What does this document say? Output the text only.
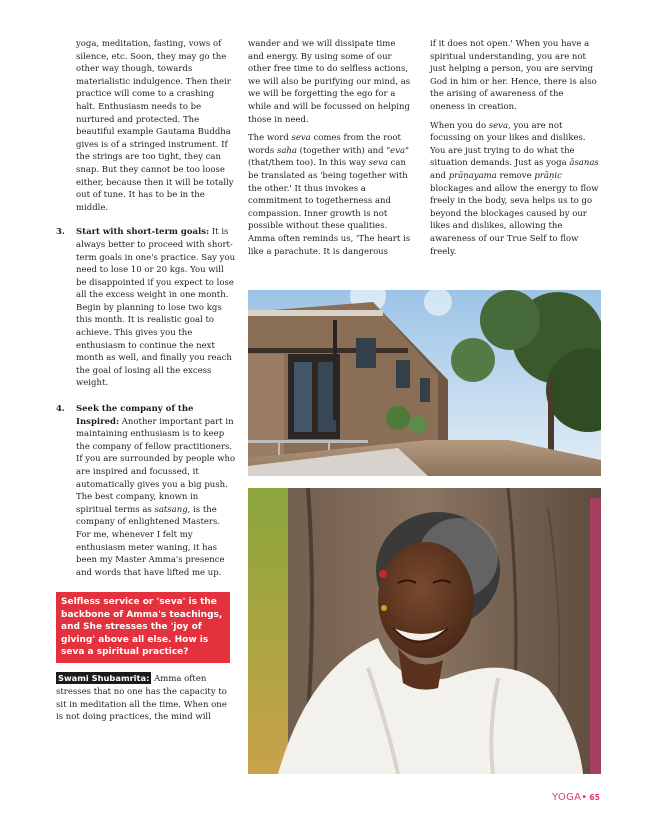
yoga, meditation, fasting, vows of silence, etc. Soon, they may go the other way though, towards materialistic indulgence. Then their practice will come to a crashing halt. Enthusiasm needs to be nurtured and protected. The beautiful example Gautama Buddha gives is of a stringed instrument. If the strings are too tight, they can snap. But they cannot be too loose either, because then it will be totally out of tune. It has to be in the middle.

3. Start with short-term goals: It is always better to proceed with short-term goals in one's practice. Say you need to lose 10 or 20 kgs. You will be disappointed if you expect to lose all the excess weight in one month. Begin by planning to lose two kgs this month. It is realistic goal to achieve. This gives you the enthusiasm to continue the next month as well, and finally you reach the goal of losing all the excess weight.
4. Seek the company of the Inspired: Another important part in maintaining enthusiasm is to keep the company of fellow practitioners. If you are surrounded by people who are inspired and focussed, it automatically gives you a big push. The best company, known in spiritual terms as satsang, is the company of enlightened Masters. For me, whenever I felt my enthusiasm meter waning, it has been my Master Amma's presence and words that have lifted me up.
Selfless service or 'seva' is the backbone of Amma's teachings, and She stresses the 'joy of giving' above all else. How is seva a spiritual practice?

Swami Shubamrita: Amma often stresses that no one has the capacity to sit in meditation all the time. When one is not doing practices, the mind will

wander and we will dissipate time and energy. By using some of our other free time to do selfless actions, we will also be purifying our mind, as we will be forgetting the ego for a while and will be focussed on helping those in need.

The word seva comes from the root words saha (together with) and "eva" (that/them too). In this way seva can be translated as 'being together with the other.' It thus invokes a commitment to togetherness and compassion. Inner growth is not possible without these qualities. Amma often reminds us, 'The heart is like a parachute. It is dangerous

if it does not open.' When you have a spiritual understanding, you are not just helping a person, you are serving God in him or her. Hence, there is also the arising of awareness of the oneness in creation.

When you do seva, you are not focussing on your likes and dislikes. You are just trying to do what the situation demands. Just as yoga āsanas and prāṇayama remove prāṇic blockages and allow the energy to flow freely in the body, seva helps us to go beyond the blockages caused by our likes and dislikes, allowing the awareness of our True Self to flow freely.

YOGA• 65
